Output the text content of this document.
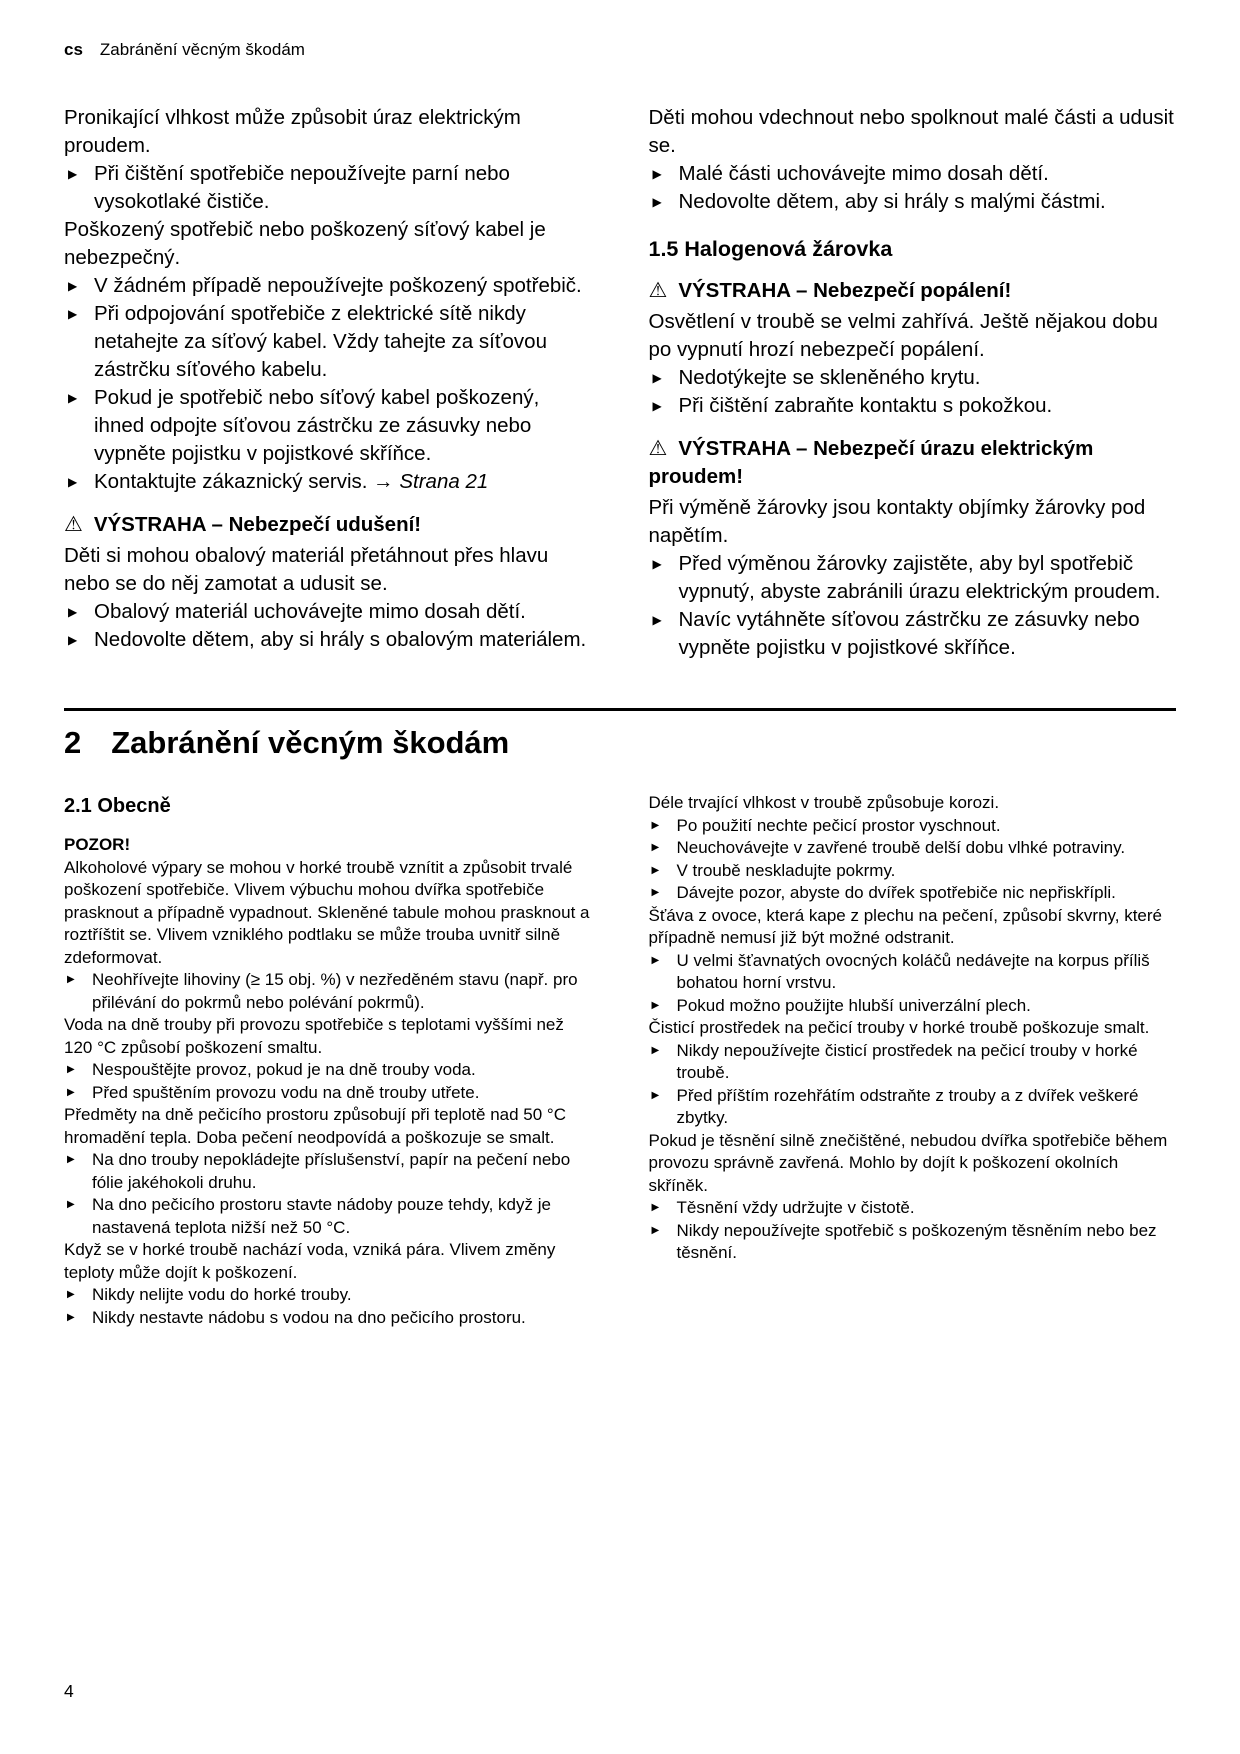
cs Zabránění věcným škodám

Pronikající vlhkost může způsobit úraz elektrickým proudem.

▶ Při čištění spotřebiče nepoužívejte parní nebo vysokotlaké čističe.

Poškozený spotřebič nebo poškozený síťový kabel je nebezpečný.

▶ V žádném případě nepoužívejte poškozený spotřebič.
▶ Při odpojování spotřebiče z elektrické sítě nikdy netahejte za síťový kabel. Vždy tahejte za síťovou zástrčku síťového kabelu.
▶ Pokud je spotřebič nebo síťový kabel poškozený, ihned odpojte síťovou zástrčku ze zásuvky nebo vypněte pojistku v pojistkové skříňce.
▶ Kontaktujte zákaznický servis. → Strana 21

⚠ VÝSTRAHA – Nebezpečí udušení!

Děti si mohou obalový materiál přetáhnout přes hlavu nebo se do něj zamotat a udusit se.

▶ Obalový materiál uchovávejte mimo dosah dětí.
▶ Nedovolte dětem, aby si hrály s obalovým materiálem.

Děti mohou vdechnout nebo spolknout malé části a udusit se.

▶ Malé části uchovávejte mimo dosah dětí.
▶ Nedovolte dětem, aby si hrály s malými částmi.
1.5 Halogenová žárovka

⚠ VÝSTRAHA – Nebezpečí popálení!

Osvětlení v troubě se velmi zahřívá. Ještě nějakou dobu po vypnutí hrozí nebezpečí popálení.

▶ Nedotýkejte se skleněného krytu.
▶ Při čištění zabraňte kontaktu s pokožkou.

⚠ VÝSTRAHA – Nebezpečí úrazu elektrickým proudem!

Při výměně žárovky jsou kontakty objímky žárovky pod napětím.

▶ Před výměnou žárovky zajistěte, aby byl spotřebič vypnutý, abyste zabránili úrazu elektrickým proudem.
▶ Navíc vytáhněte síťovou zástrčku ze zásuvky nebo vypněte pojistku v pojistkové skříňce.
2 Zabránění věcným škodám
2.1 Obecně

POZOR!

Alkoholové výpary se mohou v horké troubě vznítit a způsobit trvalé poškození spotřebiče. Vlivem výbuchu mohou dvířka spotřebiče prasknout a případně vypadnout. Skleněné tabule mohou prasknout a roztříštit se. Vlivem vzniklého podtlaku se může trouba uvnitř silně zdeformovat.

▶ Neohřívejte lihoviny (≥ 15 obj. %) v nezředěném stavu (např. pro přilévání do pokrmů nebo polévání pokrmů).

Voda na dně trouby při provozu spotřebiče s teplotami vyššími než 120 °C způsobí poškození smaltu.

▶ Nespouštějte provoz, pokud je na dně trouby voda.
▶ Před spuštěním provozu vodu na dně trouby utřete.

Předměty na dně pečicího prostoru způsobují při teplotě nad 50 °C hromadění tepla. Doba pečení neodpovídá a poškozuje se smalt.

▶ Na dno trouby nepokládejte příslušenství, papír na pečení nebo fólie jakéhokoli druhu.
▶ Na dno pečicího prostoru stavte nádoby pouze tehdy, když je nastavená teplota nižší než 50 °C.

Když se v horké troubě nachází voda, vzniká pára. Vlivem změny teploty může dojít k poškození.

▶ Nikdy nelijte vodu do horké trouby.
▶ Nikdy nestavte nádobu s vodou na dno pečicího prostoru.

Déle trvající vlhkost v troubě způsobuje korozi.

▶ Po použití nechte pečicí prostor vyschnout.
▶ Neuchovávejte v zavřené troubě delší dobu vlhké potraviny.
▶ V troubě neskladujte pokrmy.
▶ Dávejte pozor, abyste do dvířek spotřebiče nic nepřiskřípli.

Šťáva z ovoce, která kape z plechu na pečení, způsobí skvrny, které případně nemusí již být možné odstranit.

▶ U velmi šťavnatých ovocných koláčů nedávejte na korpus příliš bohatou horní vrstvu.
▶ Pokud možno použijte hlubší univerzální plech.

Čisticí prostředek na pečicí trouby v horké troubě poškozuje smalt.

▶ Nikdy nepoužívejte čisticí prostředek na pečicí trouby v horké troubě.
▶ Před příštím rozehřátím odstraňte z trouby a z dvířek veškeré zbytky.

Pokud je těsnění silně znečištěné, nebudou dvířka spotřebiče během provozu správně zavřená. Mohlo by dojít k poškození okolních skříněk.

▶ Těsnění vždy udržujte v čistotě.
▶ Nikdy nepoužívejte spotřebič s poškozeným těsněním nebo bez těsnění.
4
